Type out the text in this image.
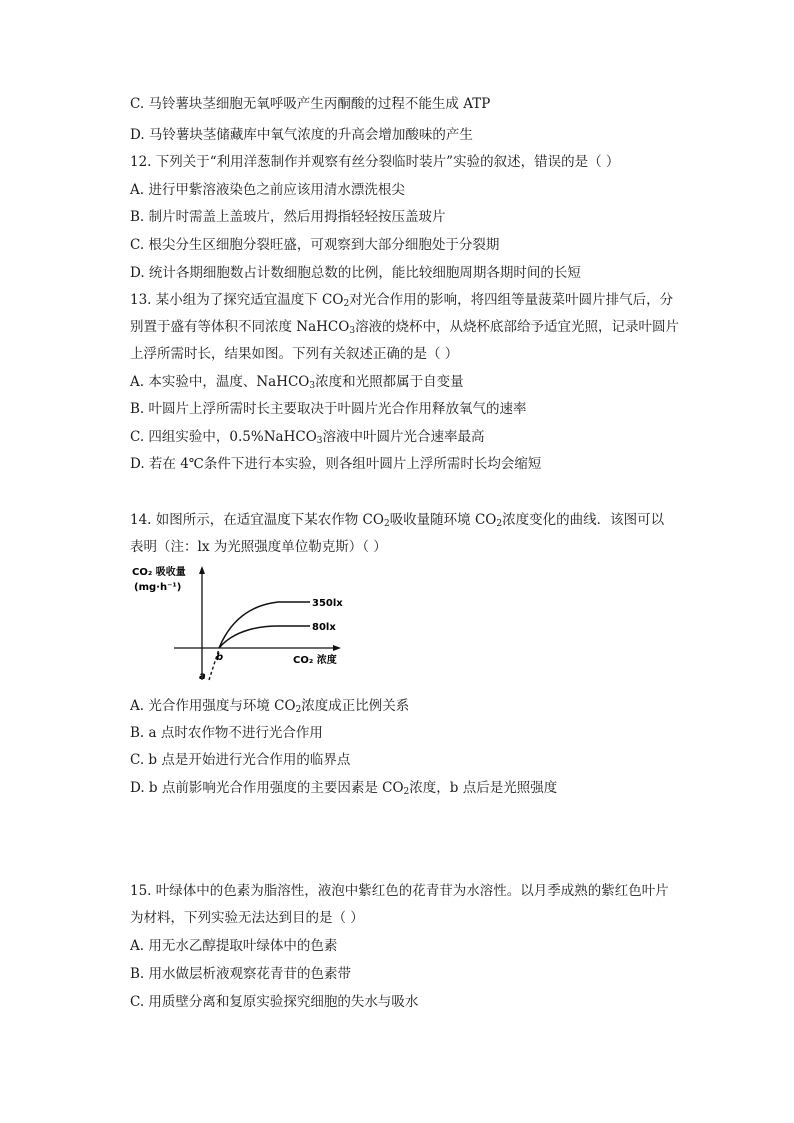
C. 马铃薯块茎细胞无氧呼吸产生丙酮酸的过程不能生成 ATP
D. 马铃薯块茎储藏库中氧气浓度的升高会增加酸味的产生
12. 下列关于“利用洋葱制作并观察有丝分裂临时装片”实验的叙述，错误的是（ ）
A. 进行甲紫溶液染色之前应该用清水漂洗根尖
B. 制片时需盖上盖玻片，然后用拇指轻轻按压盖玻片
C. 根尖分生区细胞分裂旺盛，可观察到大部分细胞处于分裂期
D. 统计各期细胞数占计数细胞总数的比例，能比较细胞周期各期时间的长短
13. 某小组为了探究适宜温度下 $CO_2$对光合作用的影响，将四组等量菠菜叶圆片排气后，分
别置于盛有等体积不同浓度 NaHCO$_3$溶液的烧杯中，从烧杯底部给予适宜光照，记录叶圆片
上浮所需时长，结果如图。下列有关叙述正确的是（ ）
A. 本实验中，温度、NaHCO$_3$浓度和光照都属于自变量
B. 叶圆片上浮所需时长主要取决于叶圆片光合作用释放氧气的速率
C. 四组实验中，0.5%NaHCO$_3$溶液中叶圆片光合速率最高
D. 若在 4℃条件下进行本实验，则各组叶圆片上浮所需时长均会缩短
14. 如图所示，在适宜温度下某农作物 $CO_2$吸收量随环境 $CO_2$浓度变化的曲线．该图可以
表明（注：lx 为光照强度单位勒克斯）（ ）
CO₂ 吸收量
(mg·h⁻¹)
CO₂ 浓度
350lx
80lx
a
b
A. 光合作用强度与环境 $CO_2$浓度成正比例关系
B. a 点时农作物不进行光合作用
C. b 点是开始进行光合作用的临界点
D. b 点前影响光合作用强度的主要因素是 $CO_2$浓度，b 点后是光照强度
15. 叶绿体中的色素为脂溶性，液泡中紫红色的花青苷为水溶性。以月季成熟的紫红色叶片
为材料，下列实验无法达到目的是（ ）
A. 用无水乙醇提取叶绿体中的色素
B. 用水做层析液观察花青苷的色素带
C. 用质壁分离和复原实验探究细胞的失水与吸水
